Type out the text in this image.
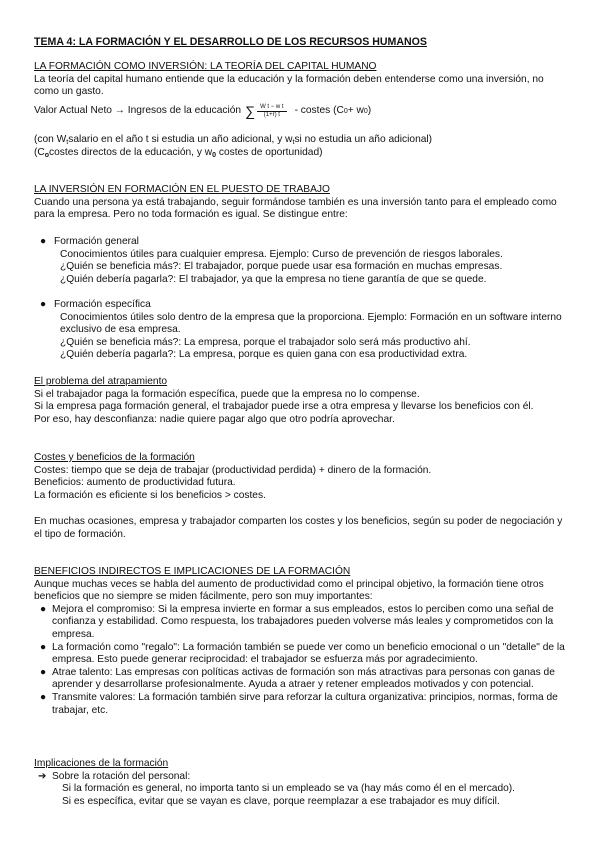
TEMA 4: LA FORMACIÓN Y EL DESARROLLO DE LOS RECURSOS HUMANOS

LA FORMACIÓN COMO INVERSIÓN: LA TEORÍA DEL CAPITAL HUMANO

La teoría del capital humano entiende que la educación y la formación deben entenderse como una inversión, no como un gasto.

Valor Actual Neto → Ingresos de la educación ∑ $\frac{\text{W t − w t}}{(1+r) t}$ - costes (C 0 + w 0 )

(con $W_tsalario$ en el año t si estudia un año adicional, y $w_tsi$ no estudia un año adicional)

($C_ocostes$ directos de la educación, y $w_0$ costes de oportunidad)

LA INVERSIÓN EN FORMACIÓN EN EL PUESTO DE TRABAJO

Cuando una persona ya está trabajando, seguir formándose también es una inversión tanto para el empleado como para la empresa. Pero no toda formación es igual. Se distingue entre:

● Formación general

Conocimientos útiles para cualquier empresa. Ejemplo: Curso de prevención de riesgos laborales.

¿Quién se beneficia más?: El trabajador, porque puede usar esa formación en muchas empresas.

¿Quién debería pagarla?: El trabajador, ya que la empresa no tiene garantía de que se quede.

● Formación específica

Conocimientos útiles solo dentro de la empresa que la proporciona. Ejemplo: Formación en un software interno exclusivo de esa empresa.

¿Quién se beneficia más?: La empresa, porque el trabajador solo será más productivo ahí.

¿Quién debería pagarla?: La empresa, porque es quien gana con esa productividad extra.

El problema del atrapamiento

Si el trabajador paga la formación específica, puede que la empresa no lo compense.

Si la empresa paga formación general, el trabajador puede irse a otra empresa y llevarse los beneficios con él.

Por eso, hay desconfianza: nadie quiere pagar algo que otro podría aprovechar.

Costes y beneficios de la formación

Costes: tiempo que se deja de trabajar (productividad perdida) + dinero de la formación.

Beneficios: aumento de productividad futura.

La formación es eficiente si los beneficios > costes.

En muchas ocasiones, empresa y trabajador comparten los costes y los beneficios, según su poder de negociación y el tipo de formación.

BENEFICIOS INDIRECTOS E IMPLICACIONES DE LA FORMACIÓN

Aunque muchas veces se habla del aumento de productividad como el principal objetivo, la formación tiene otros beneficios que no siempre se miden fácilmente, pero son muy importantes:

● Mejora el compromiso: Si la empresa invierte en formar a sus empleados, estos lo perciben como una señal de confianza y estabilidad. Como respuesta, los trabajadores pueden volverse más leales y comprometidos con la empresa.
● La formación como "regalo": La formación también se puede ver como un beneficio emocional o un "detalle" de la empresa. Esto puede generar reciprocidad: el trabajador se esfuerza más por agradecimiento.
● Atrae talento: Las empresas con políticas activas de formación son más atractivas para personas con ganas de aprender y desarrollarse profesionalmente. Ayuda a atraer y retener empleados motivados y con potencial.
● Transmite valores: La formación también sirve para reforzar la cultura organizativa: principios, normas, forma de trabajar, etc.

Implicaciones de la formación

➔ Sobre la rotación del personal:

Si la formación es general, no importa tanto si un empleado se va (hay más como él en el mercado).

Si es específica, evitar que se vayan es clave, porque reemplazar a ese trabajador es muy difícil.
